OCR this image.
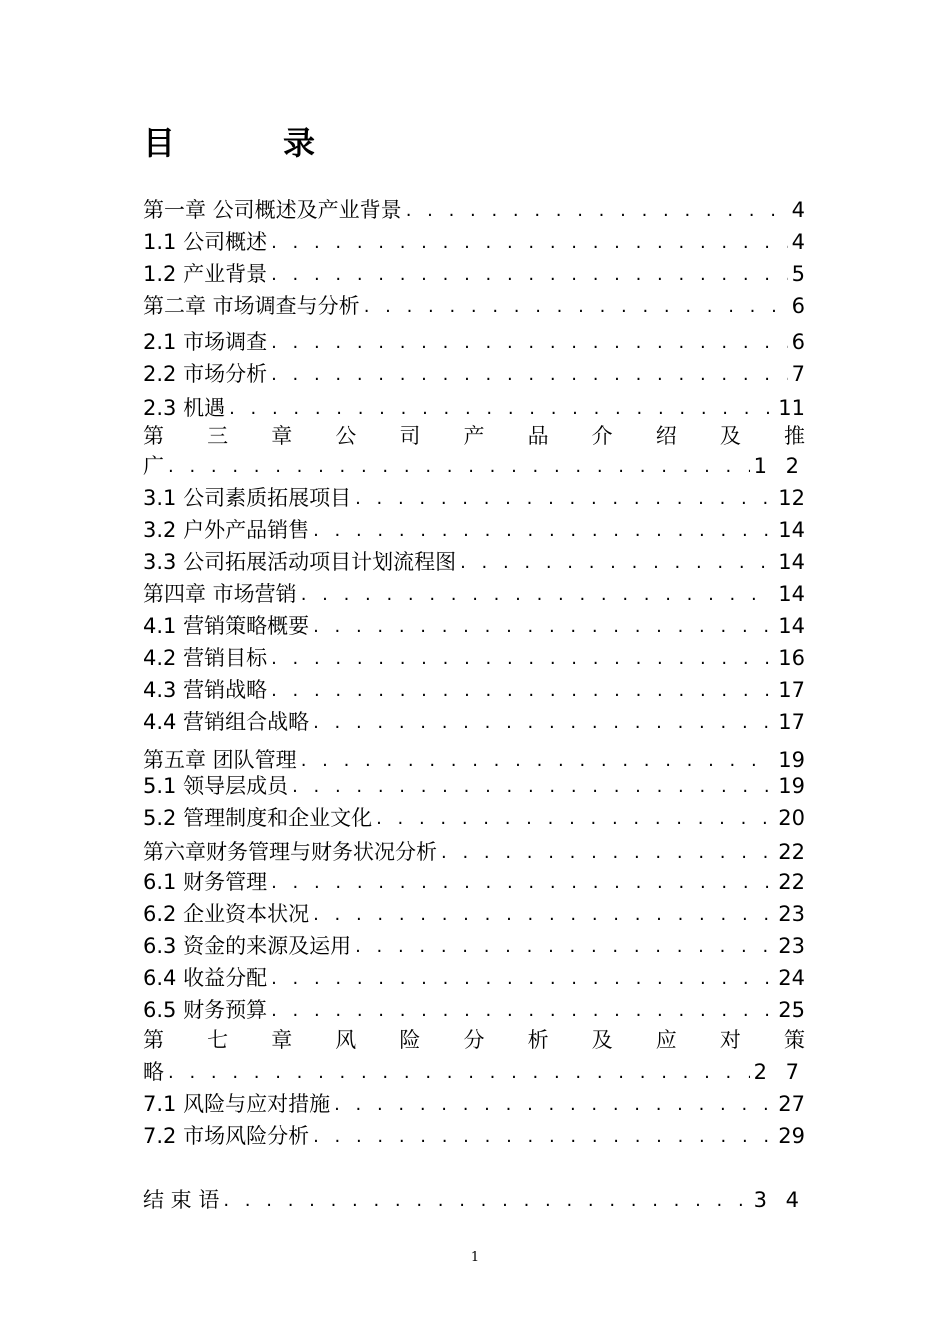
目　录
第一章 公司概述及产业背景 . . .	4
1.1 公司概述 . . .	4
1.2 产业背景 . . .	5
第二章 市场调查与分析 . . .	6
2.1 市场调查 . . .	6
2.2 市场分析 . . .	7
2.3 机遇 . . .	11
第 三 章 公 司 产 品 介 绍 及 推
广 . . .	1 2
3.1 公司素质拓展项目 . . .	12
3.2 户外产品销售 . . .	14
3.3 公司拓展活动项目计划流程图 . . .	14
第四章 市场营销 . . .	14
4.1 营销策略概要 . . .	14
4.2 营销目标 . . .	16
4.3 营销战略 . . .	17
4.4 营销组合战略 . . .	17
第五章 团队管理 . . .	19
5.1 领导层成员 . . .	19
5.2 管理制度和企业文化 . . .	20
第六章财务管理与财务状况分析 . . .	22
6.1 财务管理 . . .	22
6.2 企业资本状况 . . .	23
6.3 资金的来源及运用 . . .	23
6.4 收益分配 . . .	24
6.5 财务预算 . . .	25
第 七 章 风 险 分 析 及 应 对 策
略 . . .	2 7
7.1 风险与应对措施 . . .	27
7.2 市场风险分析 . . .	29
结 束 语 . . .	3 4
1
